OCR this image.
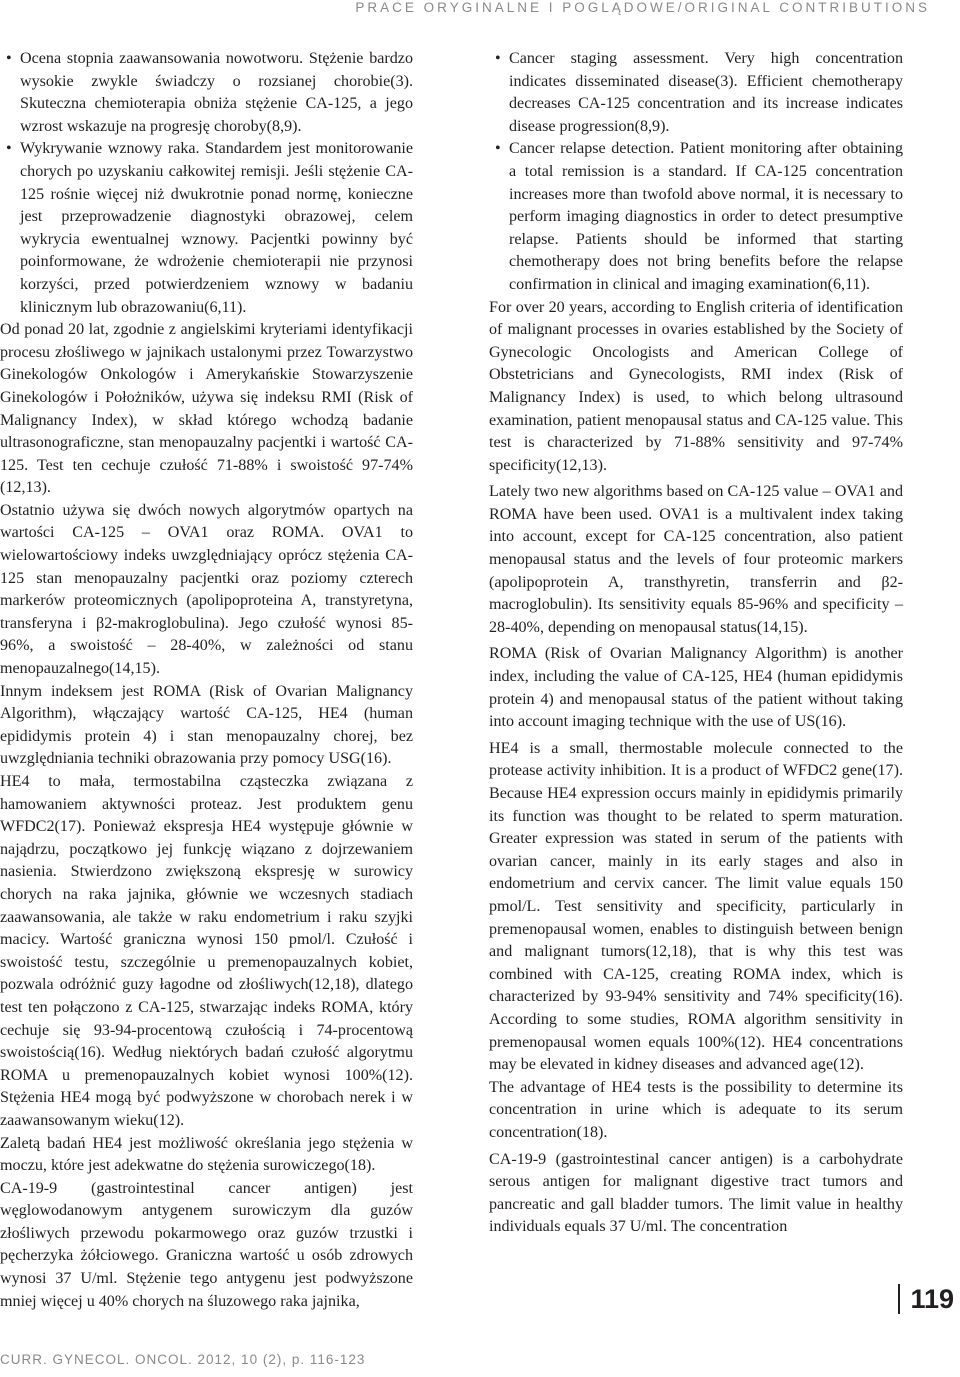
PRACE ORYGINALNE I POGLĄDOWE/ORIGINAL CONTRIBUTIONS

• Ocena stopnia zaawansowania nowotworu. Stężenie bardzo wysokie zwykle świadczy o rozsianej chorobie(3). Skuteczna chemioterapia obniża stężenie CA-125, a jego wzrost wskazuje na progresję choroby(8,9).

• Wykrywanie wznowy raka. Standardem jest monitorowanie chorych po uzyskaniu całkowitej remisji. Jeśli stężenie CA-125 rośnie więcej niż dwukrotnie ponad normę, konieczne jest przeprowadzenie diagnostyki obrazowej, celem wykrycia ewentualnej wznowy. Pacjentki powinny być poinformowane, że wdrożenie chemioterapii nie przynosi korzyści, przed potwierdzeniem wznowy w badaniu klinicznym lub obrazowaniu(6,11).

Od ponad 20 lat, zgodnie z angielskimi kryteriami identyfikacji procesu złośliwego w jajnikach ustalonymi przez Towarzystwo Ginekologów Onkologów i Amerykańskie Stowarzyszenie Ginekologów i Położników, używa się indeksu RMI (Risk of Malignancy Index), w skład którego wchodzą badanie ultrasonograficzne, stan menopauzalny pacjentki i wartość CA-125. Test ten cechuje czułość 71-88% i swoistość 97-74%(12,13).

Ostatnio używa się dwóch nowych algorytmów opartych na wartości CA-125 – OVA1 oraz ROMA. OVA1 to wielowartościowy indeks uwzględniający oprócz stężenia CA-125 stan menopauzalny pacjentki oraz poziomy czterech markerów proteomicznych (apolipoproteina A, transtyretyna, transferyna i β2-makroglobulina). Jego czułość wynosi 85-96%, a swoistość – 28-40%, w zależności od stanu menopauzalnego(14,15).

Innym indeksem jest ROMA (Risk of Ovarian Malignancy Algorithm), włączający wartość CA-125, HE4 (human epididymis protein 4) i stan menopauzalny chorej, bez uwzględniania techniki obrazowania przy pomocy USG(16).

HE4 to mała, termostabilna cząsteczka związana z hamowaniem aktywności proteaz. Jest produktem genu WFDC2(17). Ponieważ ekspresja HE4 występuje głównie w najądrzu, początkowo jej funkcję wiązano z dojrzewaniem nasienia. Stwierdzono zwiększoną ekspresję w surowicy chorych na raka jajnika, głównie we wczesnych stadiach zaawansowania, ale także w raku endometrium i raku szyjki macicy. Wartość graniczna wynosi 150 pmol/l. Czułość i swoistość testu, szczególnie u premenopauzalnych kobiet, pozwala odróżnić guzy łagodne od złośliwych(12,18), dlatego test ten połączono z CA-125, stwarzając indeks ROMA, który cechuje się 93-94-procentową czułością i 74-procentową swoistością(16). Według niektórych badań czułość algorytmu ROMA u premenopauzalnych kobiet wynosi 100%(12). Stężenia HE4 mogą być podwyższone w chorobach nerek i w zaawansowanym wieku(12).

Zaletą badań HE4 jest możliwość określania jego stężenia w moczu, które jest adekwatne do stężenia surowiczego(18).

CA-19-9 (gastrointestinal cancer antigen) jest węglowodanowym antygenem surowiczym dla guzów złośliwych przewodu pokarmowego oraz guzów trzustki i pęcherzyka żółciowego. Graniczna wartość u osób zdrowych wynosi 37 U/ml. Stężenie tego antygenu jest podwyższone mniej więcej u 40% chorych na śluzowego raka jajnika,

• Cancer staging assessment. Very high concentration indicates disseminated disease(3). Efficient chemotherapy decreases CA-125 concentration and its increase indicates disease progression(8,9).

• Cancer relapse detection. Patient monitoring after obtaining a total remission is a standard. If CA-125 concentration increases more than twofold above normal, it is necessary to perform imaging diagnostics in order to detect presumptive relapse. Patients should be informed that starting chemotherapy does not bring benefits before the relapse confirmation in clinical and imaging examination(6,11).

For over 20 years, according to English criteria of identification of malignant processes in ovaries established by the Society of Gynecologic Oncologists and American College of Obstetricians and Gynecologists, RMI index (Risk of Malignancy Index) is used, to which belong ultrasound examination, patient menopausal status and CA-125 value. This test is characterized by 71-88% sensitivity and 97-74% specificity(12,13).

Lately two new algorithms based on CA-125 value – OVA1 and ROMA have been used. OVA1 is a multivalent index taking into account, except for CA-125 concentration, also patient menopausal status and the levels of four proteomic markers (apolipoprotein A, transthyretin, transferrin and β2-macroglobulin). Its sensitivity equals 85-96% and specificity – 28-40%, depending on menopausal status(14,15).

ROMA (Risk of Ovarian Malignancy Algorithm) is another index, including the value of CA-125, HE4 (human epididymis protein 4) and menopausal status of the patient without taking into account imaging technique with the use of US(16).

HE4 is a small, thermostable molecule connected to the protease activity inhibition. It is a product of WFDC2 gene(17). Because HE4 expression occurs mainly in epididymis primarily its function was thought to be related to sperm maturation. Greater expression was stated in serum of the patients with ovarian cancer, mainly in its early stages and also in endometrium and cervix cancer. The limit value equals 150 pmol/L. Test sensitivity and specificity, particularly in premenopausal women, enables to distinguish between benign and malignant tumors(12,18), that is why this test was combined with CA-125, creating ROMA index, which is characterized by 93-94% sensitivity and 74% specificity(16). According to some studies, ROMA algorithm sensitivity in premenopausal women equals 100%(12). HE4 concentrations may be elevated in kidney diseases and advanced age(12).

The advantage of HE4 tests is the possibility to determine its concentration in urine which is adequate to its serum concentration(18).

CA-19-9 (gastrointestinal cancer antigen) is a carbohydrate serous antigen for malignant digestive tract tumors and pancreatic and gall bladder tumors. The limit value in healthy individuals equals 37 U/ml. The concentration

119
CURR. GYNECOL. ONCOL. 2012, 10 (2), p. 116-123
